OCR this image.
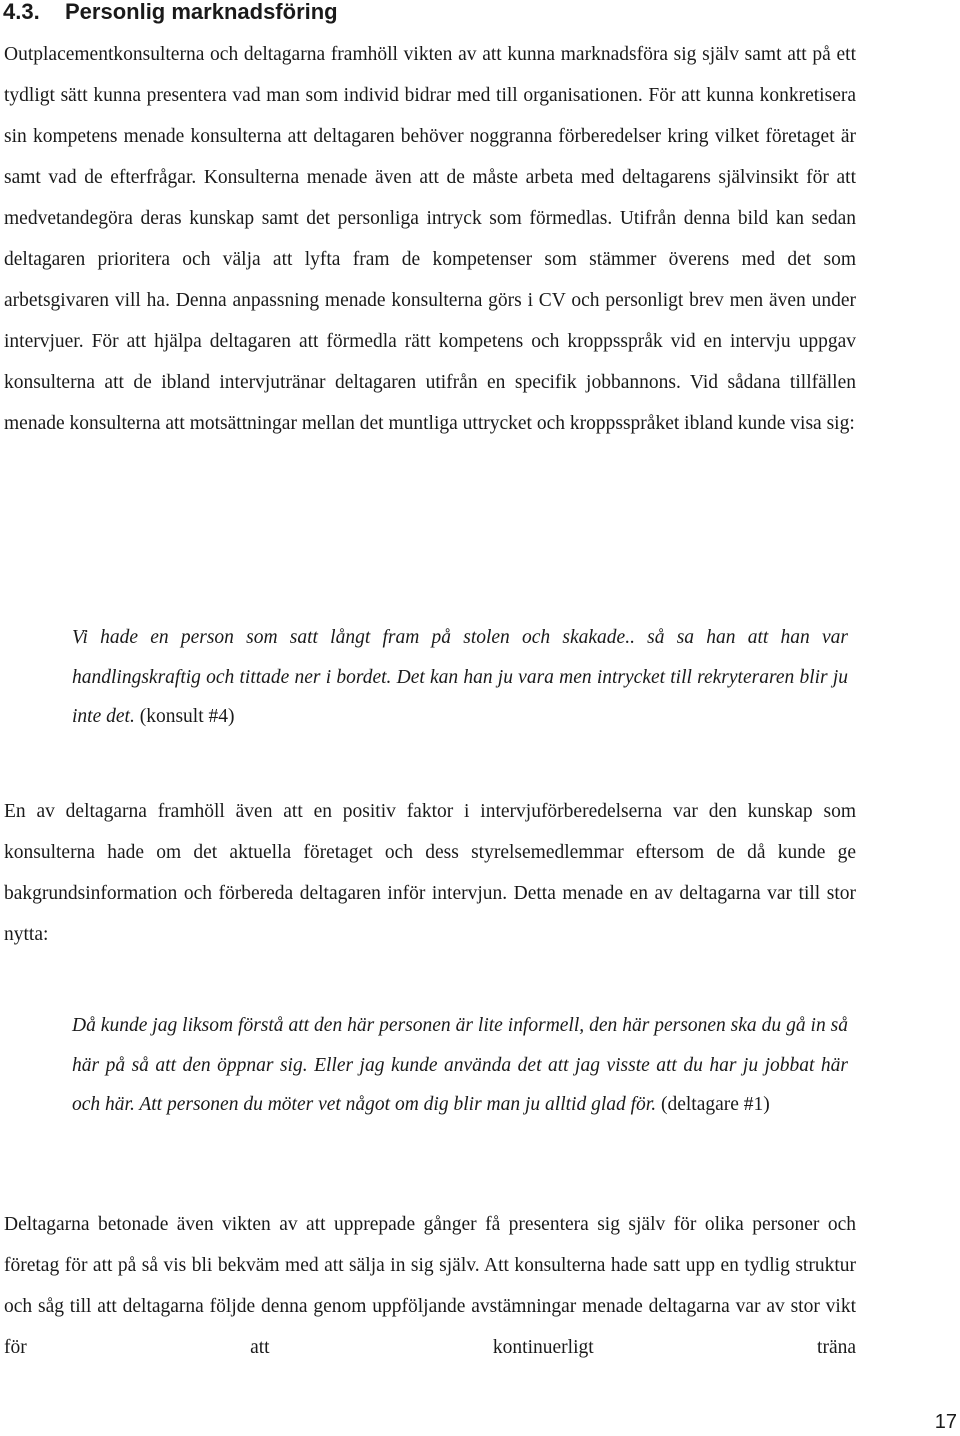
4.3. Personlig marknadsföring

Outplacementkonsulterna och deltagarna framhöll vikten av att kunna marknadsföra sig själv samt att på ett tydligt sätt kunna presentera vad man som individ bidrar med till organisationen. För att kunna konkretisera sin kompetens menade konsulterna att deltagaren behöver noggranna förberedelser kring vilket företaget är samt vad de efterfrågar. Konsulterna menade även att de måste arbeta med deltagarens självinsikt för att medvetandegöra deras kunskap samt det personliga intryck som förmedlas. Utifrån denna bild kan sedan deltagaren prioritera och välja att lyfta fram de kompetenser som stämmer överens med det som arbetsgivaren vill ha. Denna anpassning menade konsulterna görs i CV och personligt brev men även under intervjuer. För att hjälpa deltagaren att förmedla rätt kompetens och kroppsspråk vid en intervju uppgav konsulterna att de ibland intervjutränar deltagaren utifrån en specifik jobbannons. Vid sådana tillfällen menade konsulterna att motsättningar mellan det muntliga uttrycket och kroppsspråket ibland kunde visa sig:

Vi hade en person som satt långt fram på stolen och skakade.. så sa han att han var handlingskraftig och tittade ner i bordet. Det kan han ju vara men intrycket till rekryteraren blir ju inte det. (konsult #4)

En av deltagarna framhöll även att en positiv faktor i intervjuförberedelserna var den kunskap som konsulterna hade om det aktuella företaget och dess styrelsemedlemmar eftersom de då kunde ge bakgrundsinformation och förbereda deltagaren inför intervjun. Detta menade en av deltagarna var till stor nytta:

Då kunde jag liksom förstå att den här personen är lite informell, den här personen ska du gå in så här på så att den öppnar sig. Eller jag kunde använda det att jag visste att du har ju jobbat här och här. Att personen du möter vet något om dig blir man ju alltid glad för. (deltagare #1)

Deltagarna betonade även vikten av att upprepade gånger få presentera sig själv för olika personer och företag för att på så vis bli bekväm med att sälja in sig själv. Att konsulterna hade satt upp en tydlig struktur och såg till att deltagarna följde denna genom uppföljande avstämningar menade deltagarna var av stor vikt för att kontinuerligt träna

17
